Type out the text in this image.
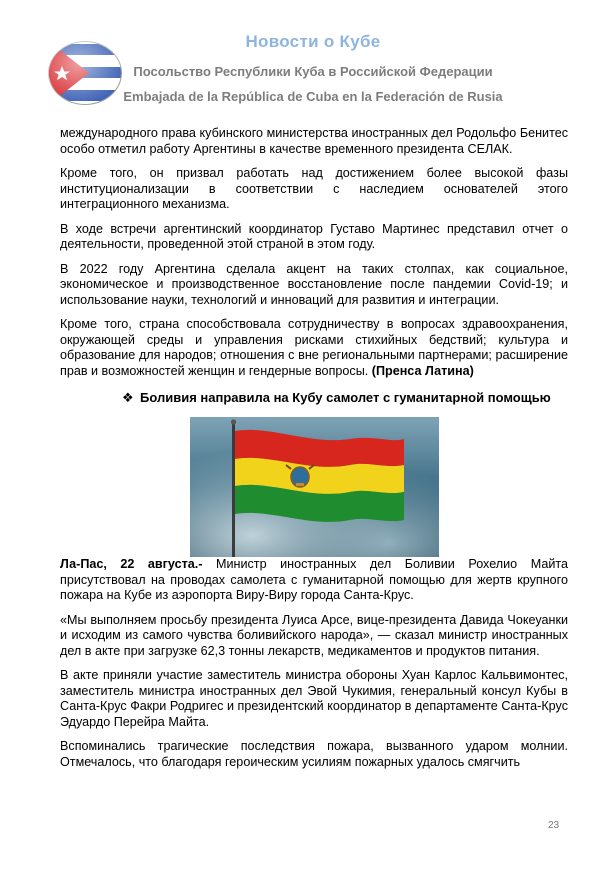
Новости о Кубе
Посольство Республики Куба в Российской Федерации
Embajada de la República de Cuba en la Federación de Rusia

международного права кубинского министерства иностранных дел Родольфо Бенитес особо отметил работу Аргентины в качестве временного президента СЕЛАК.

Кроме того, он призвал работать над достижением более высокой фазы институционализации в соответствии с наследием основателей этого интеграционного механизма.

В ходе встречи аргентинский координатор Густаво Мартинес представил отчет о деятельности, проведенной этой страной в этом году.

В 2022 году Аргентина сделала акцент на таких столпах, как социальное, экономическое и производственное восстановление после пандемии Covid-19; и использование науки, технологий и инноваций для развития и интеграции.

Кроме того, страна способствовала сотрудничеству в вопросах здравоохранения, окружающей среды и управления рисками стихийных бедствий; культура и образование для народов; отношения с вне региональными партнерами; расширение прав и возможностей женщин и гендерные вопросы. (Пренса Латина)

❖ Боливия направила на Кубу самолет с гуманитарной помощью

Ла-Пас, 22 августа.- Министр иностранных дел Боливии Рохелио Майта присутствовал на проводах самолета с гуманитарной помощью для жертв крупного пожара на Кубе из аэропорта Виру-Виру города Санта-Крус.

«Мы выполняем просьбу президента Луиса Арсе, вице-президента Давида Чокеуанки и исходим из самого чувства боливийского народа», — сказал министр иностранных дел в акте при загрузке 62,3 тонны лекарств, медикаментов и продуктов питания.

В акте приняли участие заместитель министра обороны Хуан Карлос Кальвимонтес, заместитель министра иностранных дел Эвой Чукимия, генеральный консул Кубы в Санта-Крус Факри Родригес и президентский координатор в департаменте Санта-Крус Эдуардо Перейра Майта.

Вспоминались трагические последствия пожара, вызванного ударом молнии. Отмечалось, что благодаря героическим усилиям пожарных удалось смягчить

23
